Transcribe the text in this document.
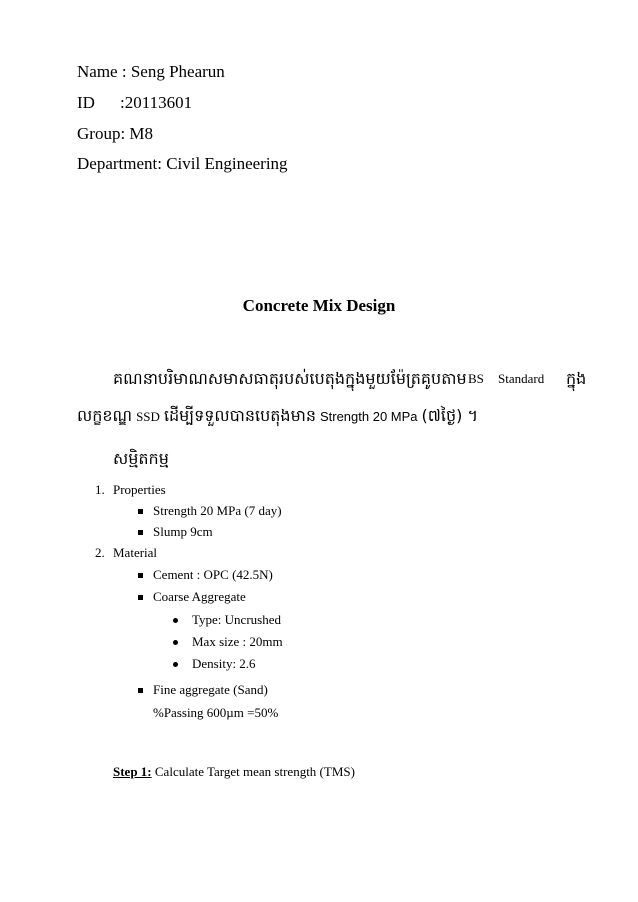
Name : Seng Phearun
ID :20113601
Group: M8
Department: Civil Engineering
Concrete Mix Design
គណនាបរិមាណសមាសធាតុរបស់បេតុងក្នុងមួយម៉ែត្រគូបតាម BS Standard ក្នុង
លក្ខខណ្ឌ SSD ដើម្បីទទួលបានបេតុងមាន Strength 20 MPa (៧ថ្ងៃ) ។
សម្មិតកម្ម
1. Properties
Strength 20 MPa (7 day)
Slump 9cm
2. Material
Cement : OPC (42.5N)
Coarse Aggregate
Type: Uncrushed
Max size : 20mm
Density: 2.6
Fine aggregate (Sand)
%Passing 600µm =50%
Step 1: Calculate Target mean strength (TMS)
